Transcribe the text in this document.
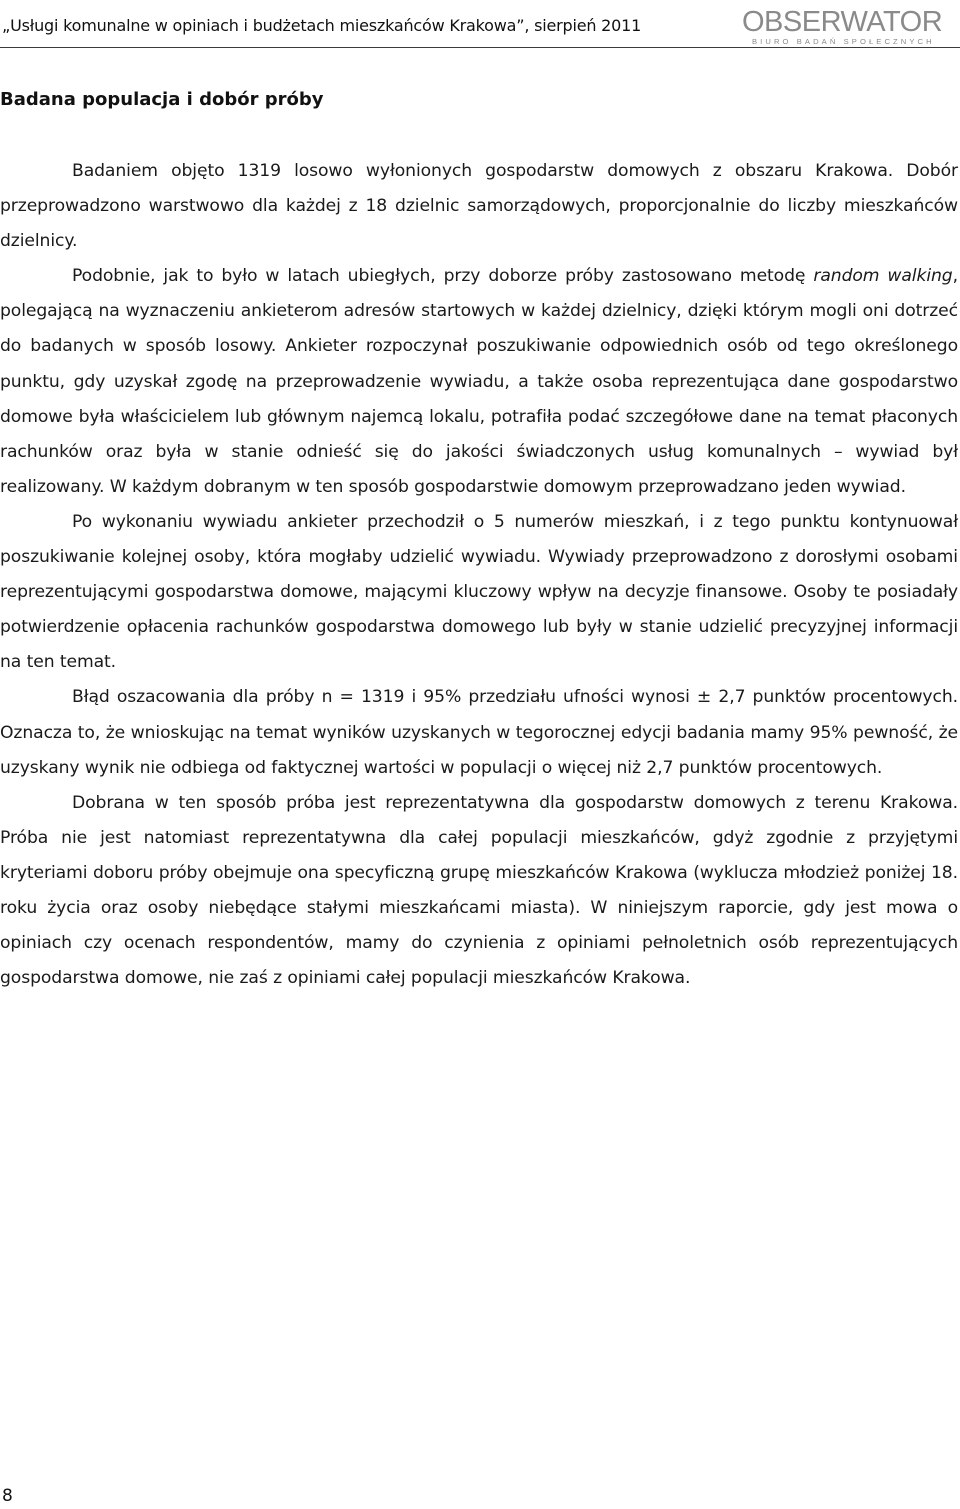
„Usługi komunalne w opiniach i budżetach mieszkańców Krakowa”, sierpień 2011	OBSERWATOR
BIURO BADAŃ SPOŁECZNYCH
Badana populacja i dobór próby

Badaniem objęto 1319 losowo wyłonionych gospodarstw domowych z obszaru Krakowa. Dobór przeprowadzono warstwowo dla każdej z 18 dzielnic samorządowych, proporcjonalnie do liczby mieszkańców dzielnicy.

Podobnie, jak to było w latach ubiegłych, przy doborze próby zastosowano metodę random walking, polegającą na wyznaczeniu ankieterom adresów startowych w każdej dzielnicy, dzięki którym mogli oni dotrzeć do badanych w sposób losowy. Ankieter rozpoczynał poszukiwanie odpowiednich osób od tego określonego punktu, gdy uzyskał zgodę na przeprowadzenie wywiadu, a także osoba reprezentująca dane gospodarstwo domowe była właścicielem lub głównym najemcą lokalu, potrafiła podać szczegółowe dane na temat płaconych rachunków oraz była w stanie odnieść się do jakości świadczonych usług komunalnych – wywiad był realizowany. W każdym dobranym w ten sposób gospodarstwie domowym przeprowadzano jeden wywiad.

Po wykonaniu wywiadu ankieter przechodził o 5 numerów mieszkań, i z tego punktu kontynuował poszukiwanie kolejnej osoby, która mogłaby udzielić wywiadu. Wywiady przeprowadzono z dorosłymi osobami reprezentującymi gospodarstwa domowe, mającymi kluczowy wpływ na decyzje finansowe. Osoby te posiadały potwierdzenie opłacenia rachunków gospodarstwa domowego lub były w stanie udzielić precyzyjnej informacji na ten temat.

Błąd oszacowania dla próby n = 1319 i 95% przedziału ufności wynosi ± 2,7 punktów procentowych. Oznacza to, że wnioskując na temat wyników uzyskanych w tegorocznej edycji badania mamy 95% pewność, że uzyskany wynik nie odbiega od faktycznej wartości w populacji o więcej niż 2,7 punktów procentowych.

Dobrana w ten sposób próba jest reprezentatywna dla gospodarstw domowych z terenu Krakowa. Próba nie jest natomiast reprezentatywna dla całej populacji mieszkańców, gdyż zgodnie z przyjętymi kryteriami doboru próby obejmuje ona specyficzną grupę mieszkańców Krakowa (wyklucza młodzież poniżej 18. roku życia oraz osoby niebędące stałymi mieszkańcami miasta). W niniejszym raporcie, gdy jest mowa o opiniach czy ocenach respondentów, mamy do czynienia z opiniami pełnoletnich osób reprezentujących gospodarstwa domowe, nie zaś z opiniami całej populacji mieszkańców Krakowa.

8
